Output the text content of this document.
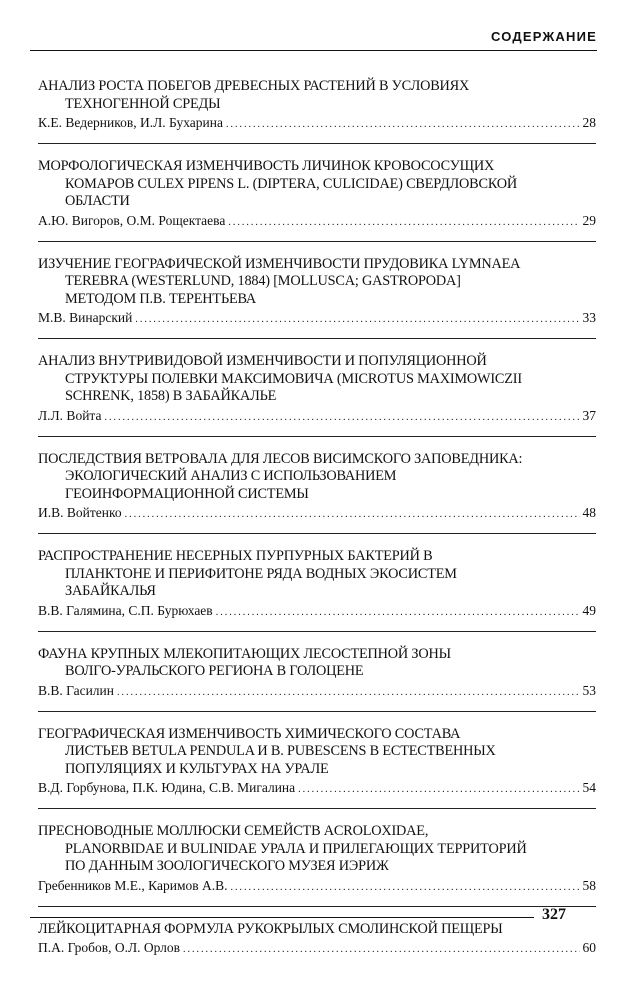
СОДЕРЖАНИЕ
АНАЛИЗ РОСТА ПОБЕГОВ ДРЕВЕСНЫХ РАСТЕНИЙ В УСЛОВИЯХ
ТЕХНОГЕННОЙ СРЕДЫ
К.Е. Ведерников, И.Л. Бухарина .....	28
МОРФОЛОГИЧЕСКАЯ ИЗМЕНЧИВОСТЬ ЛИЧИНОК КРОВОСОСУЩИХ
КОМАРОВ CULEX PIPENS L. (DIPTERA, CULICIDAE) СВЕРДЛОВСКОЙ
ОБЛАСТИ
А.Ю. Вигоров, О.М. Рощектаева .....	29
ИЗУЧЕНИЕ ГЕОГРАФИЧЕСКОЙ ИЗМЕНЧИВОСТИ ПРУДОВИКА LYMNAEA
TEREBRA (WESTERLUND, 1884) [MOLLUSCA; GASTROPODA]
МЕТОДОМ П.В. ТЕРЕНТЬЕВА
М.В. Винарский .....	33
АНАЛИЗ ВНУТРИВИДОВОЙ ИЗМЕНЧИВОСТИ И ПОПУЛЯЦИОННОЙ
СТРУКТУРЫ ПОЛЕВКИ МАКСИМОВИЧА (MICROTUS MAXIMOWICZII
SCHRENK, 1858) В ЗАБАЙКАЛЬЕ
Л.Л. Войта .....	37
ПОСЛЕДСТВИЯ ВЕТРОВАЛА ДЛЯ ЛЕСОВ ВИСИМСКОГО ЗАПОВЕДНИКА:
ЭКОЛОГИЧЕСКИЙ АНАЛИЗ С ИСПОЛЬЗОВАНИЕМ
ГЕОИНФОРМАЦИОННОЙ СИСТЕМЫ
И.В. Войтенко .....	48
РАСПРОСТРАНЕНИЕ НЕСЕРНЫХ ПУРПУРНЫХ БАКТЕРИЙ В
ПЛАНКТОНЕ И ПЕРИФИТОНЕ РЯДА ВОДНЫХ ЭКОСИСТЕМ
ЗАБАЙКАЛЬЯ
В.В. Галямина, С.П. Бурюхаев .....	49
ФАУНА КРУПНЫХ МЛЕКОПИТАЮЩИХ ЛЕСОСТЕПНОЙ ЗОНЫ
ВОЛГО-УРАЛЬСКОГО РЕГИОНА В ГОЛОЦЕНЕ
В.В. Гасилин .....	53
ГЕОГРАФИЧЕСКАЯ ИЗМЕНЧИВОСТЬ ХИМИЧЕСКОГО СОСТАВА
ЛИСТЬЕВ BETULA PENDULA И В. PUBESCENS В ЕСТЕСТВЕННЫХ
ПОПУЛЯЦИЯХ И КУЛЬТУРАХ НА УРАЛЕ
В.Д. Горбунова, П.К. Юдина, С.В. Мигалина .....	54
ПРЕСНОВОДНЫЕ МОЛЛЮСКИ СЕМЕЙСТВ ACROLOXIDAE,
PLANORBIDAE И BULINIDAE УРАЛА И ПРИЛЕГАЮЩИХ ТЕРРИТОРИЙ
ПО ДАННЫМ ЗООЛОГИЧЕСКОГО МУЗЕЯ ИЭРИЖ
Гребенников М.Е., Каримов А.В. .....	58
ЛЕЙКОЦИТАРНАЯ ФОРМУЛА РУКОКРЫЛЫХ СМОЛИНСКОЙ ПЕЩЕРЫ
П.А. Гробов, О.Л. Орлов .....	60
327
